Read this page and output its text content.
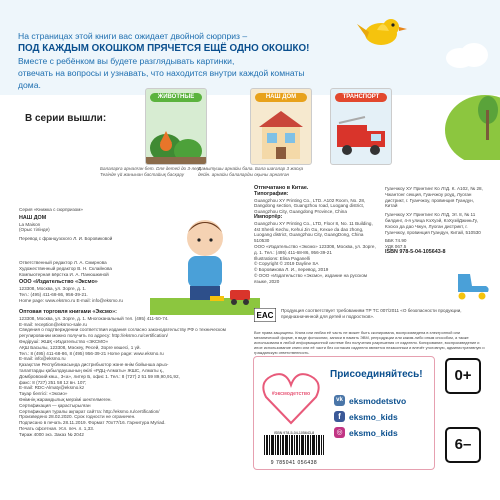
На страницах этой книги вас ожидает двойной сюрприз –
ПОД КАЖДЫМ ОКОШКОМ ПРЯЧЕТСЯ ЕЩЁ ОДНО ОКОШКО!
Вместе с ребёнком вы будете разглядывать картинки,
отвечать на вопросы и узнавать, что находится внутри каждой комнаты дома.
В серии вышли:
ЖИВОТНЫЕ	НАШ ДОМ	ТРАНСПОРТ
Балаларға арналған бет. Dля детей до 3-лет. Тегінде үй жанынан бастайық басқару
Дамытушы арнайы бала. Бала шағалар 3 жасқа дейін. арнайы балаларды оқыны арналған
Серия «Книжка с сюрпризом»
НАШ ДОМ
La Maison
(Орыс тілінде)
Перевод с французского Л. И. Боровиковой
Ответственный редактор Л. А. Смирнова
Художественный редактор В. Н. Склайнова
Компьютерная вёрстка И. А. Панюшкиной
ООО «Издательство «Эксмо»
123308, Москва, ул. Зорге, д. 1.
Тел.: (495) 411-68-86, 956-39-21.
Home page: www.eksmo.ru E-mail: info@eksmo.ru
Оптовая торговля книгами «Эксмо»:
123308, Москва, ул. Зорге, д. 1. Многоканальный тел. (495) 411-50-74.
E-mail: reception@eksmo-sale.ru
Сведения о подтверждении соответствия издания согласно законодательству РФ о техническом регулировании можно получить по адресу: http://eksmo.ru/certification/
Өндіруші: ЖШҚ «Издательство «ЭКСМО»
АҚШ Басылы, 123308, Мәскеу, Ресей, Зорге көшесі, 1 үй.
Тел.: 8 (495) 411-68-86, 8 (495) 956-39-21 Home page: www.eksmo.ru
E-mail: info@eksmo.ru
Қазақстан Республикасында дистрибьютор және өнім бойынша арыз-
талаптарды қабылдаушының өкілі «РДЦ-Алматы» ЖШС, Алматы қ.,
Домбровский көш., 3«а», литер Б, офис 1. Тел.: 8 (727) 2 51 59 89,90,91,92,
факс: 8 (727) 251 58 12 вн. 107;
E-mail: RDC-Almaty@eksmo.kz
Тауар белгісі: «Эксмо»
Өнімнің жарамдылық мерзімі шектелмеген.
Сертификация — қарастырылған
Сертификация туралы ақпарат сайтта: http://eksmo.ru/certification/
Произведено 28.02.2020. Срок годности не ограничен.
Подписано в печать 28.11.2019. Формат 70x77/16. Гарнитура Myriad.
Печать офсетная. Усл. печ. л. 1,33.
Тираж 4000 экз. Заказ № 2042
Отпечатано в Китае.
Типография:
Guangzhou XY Printing Co., LTD. A102 Room, No. 28, Dangdong section, Guangzhou road, Luogang district, Guangzhou City, Guangdong Province, China
Импортёр:
Guangzhou XY Printing Co., LTD, Floor 8, No. 11 Building, 4st Shenli Kechu, Kehui Jin Gu, Kexue da dao zhong, Luogang district, Guangzhou City, GuangDong, China 510530
ООО «Издательство «Эксмо» 123308, Москва, ул. Зорге, д. 1. Тел.: (495) 411-68-86, 956-39-21
Illustrations: Elisa Paganelli
© Copyright © 2019 Dayline SA
© Боровикова Л. И., перевод, 2019
© ООО «Издательство «Эксмо», издание на русском языке, 2020
Гуанчжоу ХУ Принтинг Ко ЛтД. К. А102, № 28, Чжантонг секция, Гуанчжоу роуд, Луоган дистрикт, г. Гуанчжоу, провинция Гуандун, Китай
Гуанчжоу ХУ Принтинг Ко ЛтД, Эт. 8, № 11 билдинг, 4-я улица КэХуэй, КэХуэйДжиньГу, Кэсюэ да дао Чжун, Луоган дистрикт, г. Гуанчжоу, провинция Гуандун, Китай, 510530
ББК 74.90
УДК 067.5
ISBN 978-5-04-105643-8
EAC
Продукция соответствует требованиям ТР ТС 007/2011 «О безопасности продукции, предназначенной для детей и подростков».
Все права защищены. Книга или любая её часть не может быть скопирована, воспроизведена в электронной или механической форме, в виде фотокопии, записи в память ЭВМ, репродукции или каким-либо иным способом, а также использована в любой информационной системе без получения разрешения от издателя. Копирование, воспроизведение и иное использование книги или её части без согласия издателя является незаконным и влечёт уголовную, административную и гражданскую ответственность.
#эксмодетство
Присоединяйтесь!
vk eksmodetstvo
f eksmo_kids
◎ eksmo_kids
ISBN 978-5-04-105643-8
9 785041 056438
0+
6–
